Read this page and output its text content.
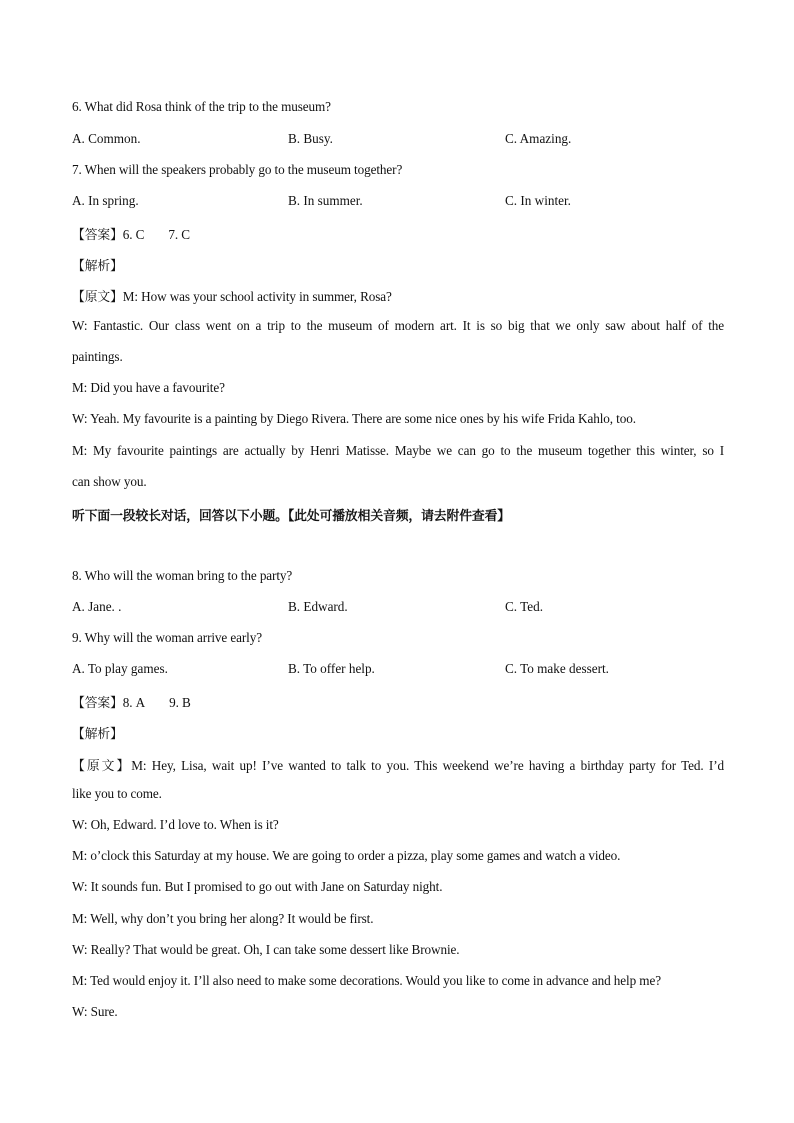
6. What did Rosa think of the trip to the museum?
A. Common.	B. Busy.	C. Amazing.
7. When will the speakers probably go to the museum together?
A. In spring.	B. In summer.	C. In winter.
【答案】6. C 7. C
【解析】
【原文】M: How was your school activity in summer, Rosa?
W: Fantastic. Our class went on a trip to the museum of modern art. It is so big that we only saw about half of the
paintings.
M: Did you have a favourite?
W: Yeah. My favourite is a painting by Diego Rivera. There are some nice ones by his wife Frida Kahlo, too.
M: My favourite paintings are actually by Henri Matisse. Maybe we can go to the museum together this winter, so I
can show you.
听下面一段较长对话，回答以下小题。【此处可播放相关音频，请去附件查看】
8. Who will the woman bring to the party?
A. Jane. .	B. Edward.	C. Ted.
9. Why will the woman arrive early?
A. To play games.	B. To offer help.	C. To make dessert.
【答案】8. A 9. B
【解析】
【原文】M: Hey, Lisa, wait up! I’ve wanted to talk to you. This weekend we’re having a birthday party for Ted. I’d
like you to come.
W: Oh, Edward. I’d love to. When is it?
M: o’clock this Saturday at my house. We are going to order a pizza, play some games and watch a video.
W: It sounds fun. But I promised to go out with Jane on Saturday night.
M: Well, why don’t you bring her along? It would be first.
W: Really? That would be great. Oh, I can take some dessert like Brownie.
M: Ted would enjoy it. I’ll also need to make some decorations. Would you like to come in advance and help me?
W: Sure.
